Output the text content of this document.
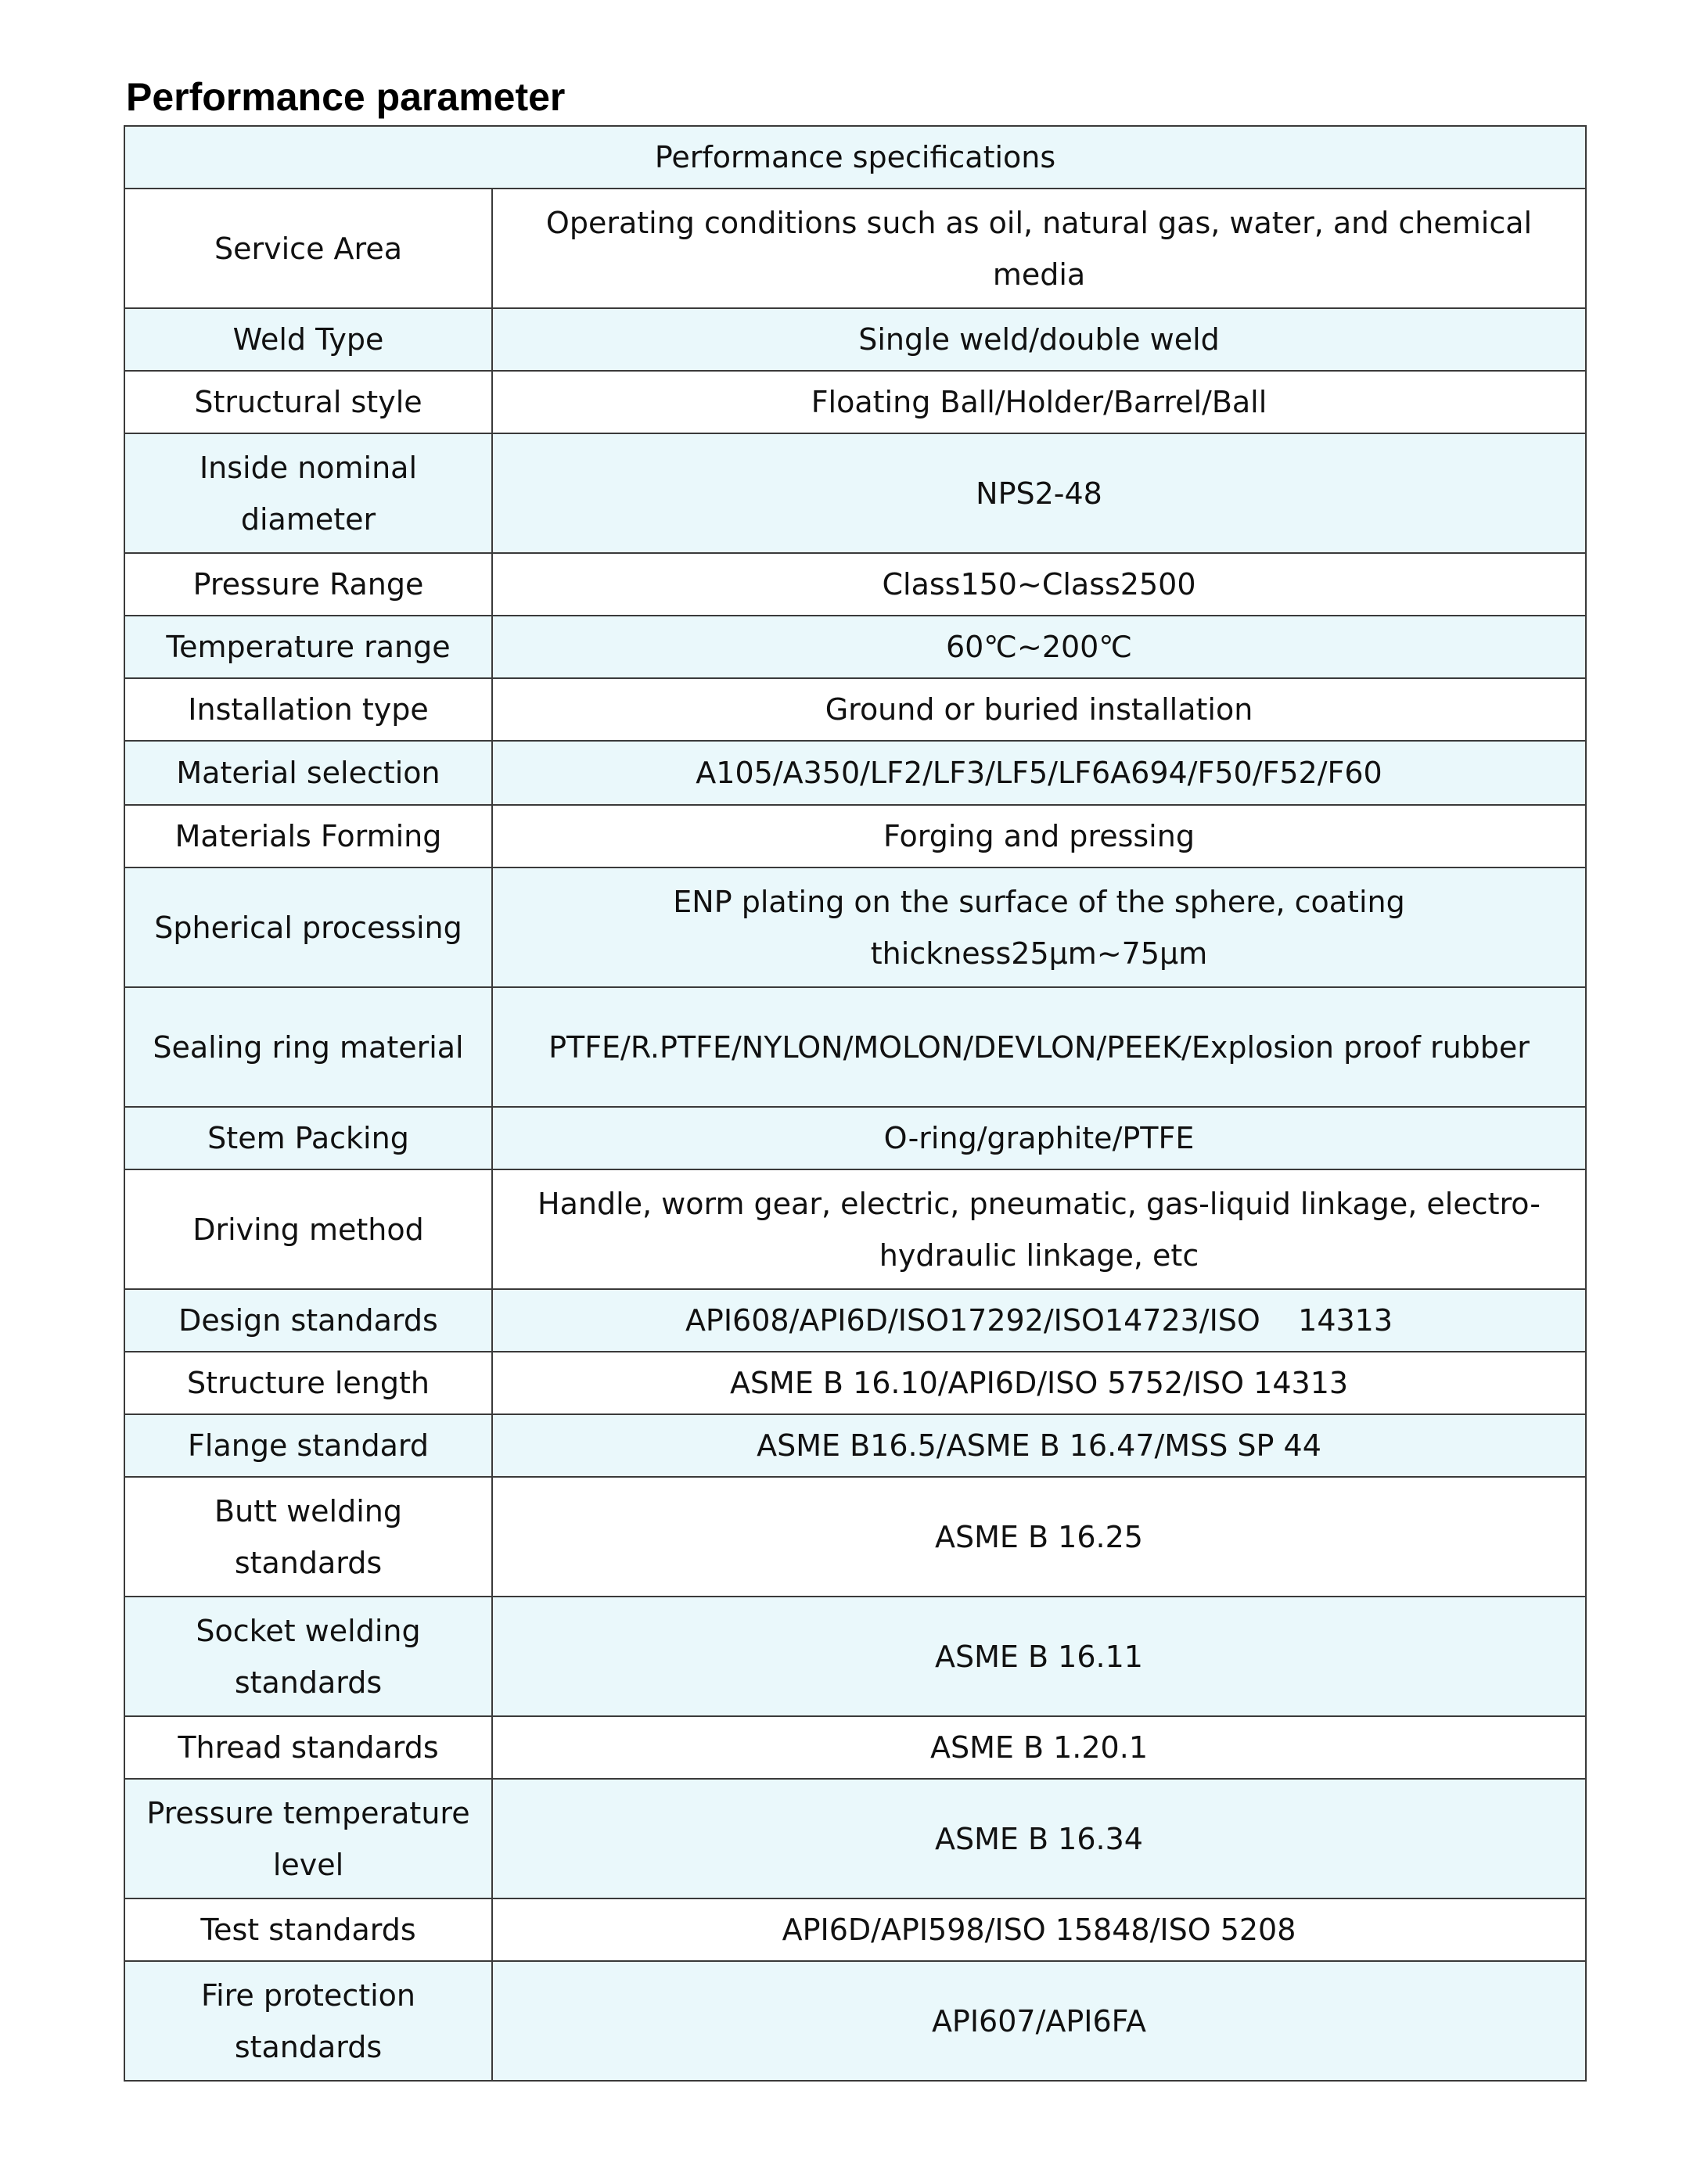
Performance parameter
Performance specifications	
Service Area	Operating conditions such as oil, natural gas, water, and chemical media
Weld Type	Single weld/double weld
Structural style	Floating Ball/Holder/Barrel/Ball
Inside nominal diameter	NPS2-48
Pressure Range	Class150~Class2500
Temperature range	60℃~200℃
Installation type	Ground or buried installation
Material selection	A105/A350/LF2/LF3/LF5/LF6A694/F50/F52/F60
Materials Forming	Forging and pressing
Spherical processing	ENP plating on the surface of the sphere, coating thickness25μm~75μm
Sealing ring material	PTFE/R.PTFE/NYLON/MOLON/DEVLON/PEEK/Explosion proof rubber
Stem Packing	O-ring/graphite/PTFE
Driving method	Handle, worm gear, electric, pneumatic, gas-liquid linkage, electro-hydraulic linkage, etc
Design standards	API608/API6D/ISO17292/ISO14723/ISO    14313
Structure length	ASME B 16.10/API6D/ISO 5752/ISO 14313
Flange standard	ASME B16.5/ASME B 16.47/MSS SP 44
Butt welding standards	ASME B 16.25
Socket welding standards	ASME B 16.11
Thread standards	ASME B 1.20.1
Pressure temperature level	ASME B 16.34
Test standards	API6D/API598/ISO 15848/ISO 5208
Fire protection standards	API607/API6FA
